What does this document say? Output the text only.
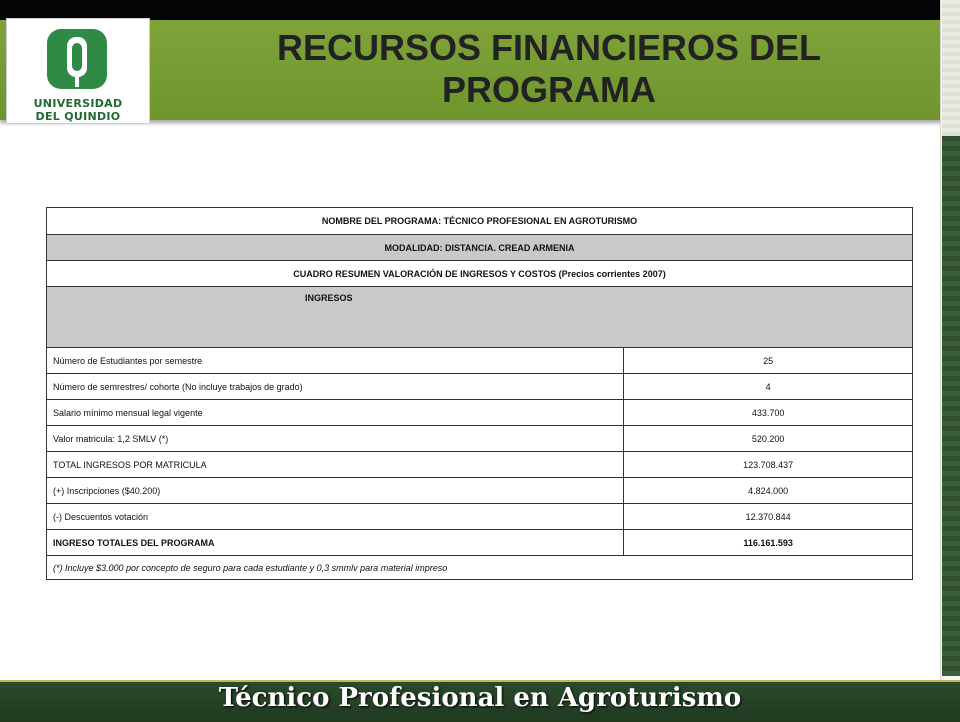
UNIVERSIDAD
DEL QUINDIO
RECURSOS FINANCIEROS DEL
PROGRAMA
NOMBRE DEL PROGRAMA: TÉCNICO PROFESIONAL EN AGROTURISMO	
MODALIDAD: DISTANCIA. CREAD ARMENIA	
CUADRO RESUMEN VALORACIÓN DE INGRESOS Y COSTOS (Precios corrientes 2007)	
INGRESOS	
Número de Estudiantes por semestre	25
Número de semrestres/ cohorte (No incluye trabajos de grado)	4
Salario mínimo mensual legal vigente	433.700
Valor matricula: 1,2 SMLV (*)	520.200
TOTAL INGRESOS POR MATRICULA	123.708.437
(+) Inscripciones ($40.200)	4.824.000
(-) Descuentos votación	12.370.844
INGRESO TOTALES DEL PROGRAMA	116.161.593
(*) Incluye $3.000 por concepto de seguro para cada estudiante y 0,3 smmlv para material impreso	
Técnico Profesional en Agroturismo
